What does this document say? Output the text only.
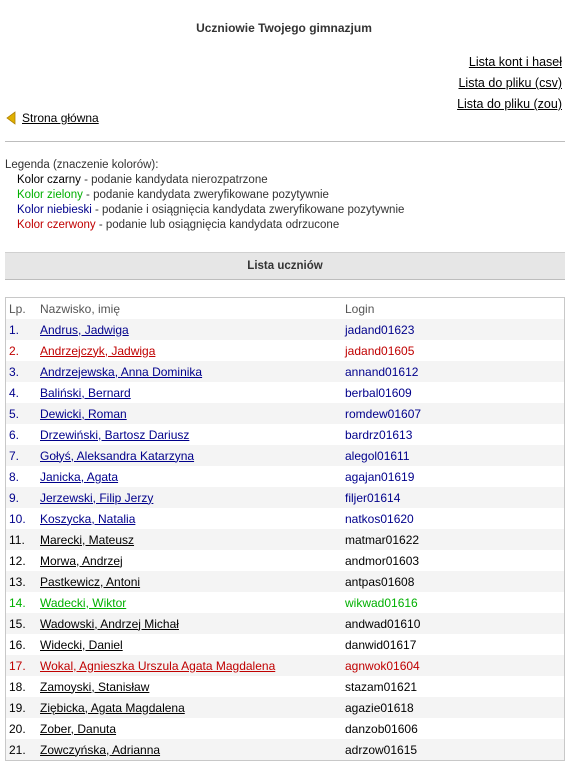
Uczniowie Twojego gimnazjum
Lista kont i haseł
Lista do pliku (csv)
Lista do pliku (zou)
Strona główna
Legenda (znaczenie kolorów):
Kolor czarny - podanie kandydata nierozpatrzone
Kolor zielony - podanie kandydata zweryfikowane pozytywnie
Kolor niebieski - podanie i osiągnięcia kandydata zweryfikowane pozytywnie
Kolor czerwony - podanie lub osiągnięcia kandydata odrzucone
Lista uczniów
Lp.	Nazwisko, imię	Login
1.	Andrus, Jadwiga	jadand01623
2.	Andrzejczyk, Jadwiga	jadand01605
3.	Andrzejewska, Anna Dominika	annand01612
4.	Baliński, Bernard	berbal01609
5.	Dewicki, Roman	romdew01607
6.	Drzewiński, Bartosz Dariusz	bardrz01613
7.	Gołyś, Aleksandra Katarzyna	alegol01611
8.	Janicka, Agata	agajan01619
9.	Jerzewski, Filip Jerzy	filjer01614
10.	Koszycka, Natalia	natkos01620
11.	Marecki, Mateusz	matmar01622
12.	Morwa, Andrzej	andmor01603
13.	Pastkewicz, Antoni	antpas01608
14.	Wadecki, Wiktor	wikwad01616
15.	Wadowski, Andrzej Michał	andwad01610
16.	Widecki, Daniel	danwid01617
17.	Wokal, Agnieszka Urszula Agata Magdalena	agnwok01604
18.	Zamoyski, Stanisław	stazam01621
19.	Ziębicka, Agata Magdalena	agazie01618
20.	Zober, Danuta	danzob01606
21.	Zowczyńska, Adrianna	adrzow01615
